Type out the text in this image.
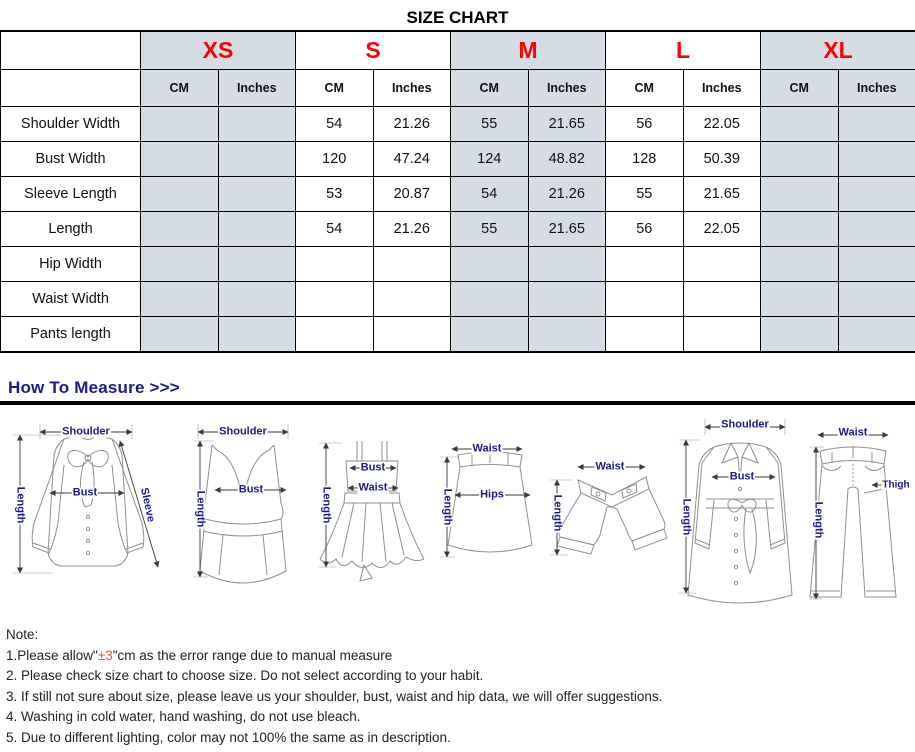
SIZE CHART
	XS		S		M		L		XL	
	CM	Inches	CM	Inches	CM	Inches	CM	Inches	CM	Inches
Shoulder Width			54	21.26	55	21.65	56	22.05		
Bust Width			120	47.24	124	48.82	128	50.39		
Sleeve Length			53	20.87	54	21.26	55	21.65		
Length			54	21.26	55	21.65	56	22.05		
Hip Width										
Waist Width										
Pants length										
How To Measure >>>
Shoulder
Length	Bust	Sleeve
Shoulder
Length
Bust	Length
Bust
Waist
Waist
Length Hips
Waist
Length
Shoulder
Bust
Length
Waist
Length
Thigh
Note:
1.Please allow"±3"cm as the error range due to manual measure
2. Please check size chart to choose size. Do not select according to your habit.
3. If still not sure about size, please leave us your shoulder, bust, waist and hip data, we will offer suggestions.
4. Washing in cold water, hand washing, do not use bleach.
5. Due to different lighting, color may not 100% the same as in description.
